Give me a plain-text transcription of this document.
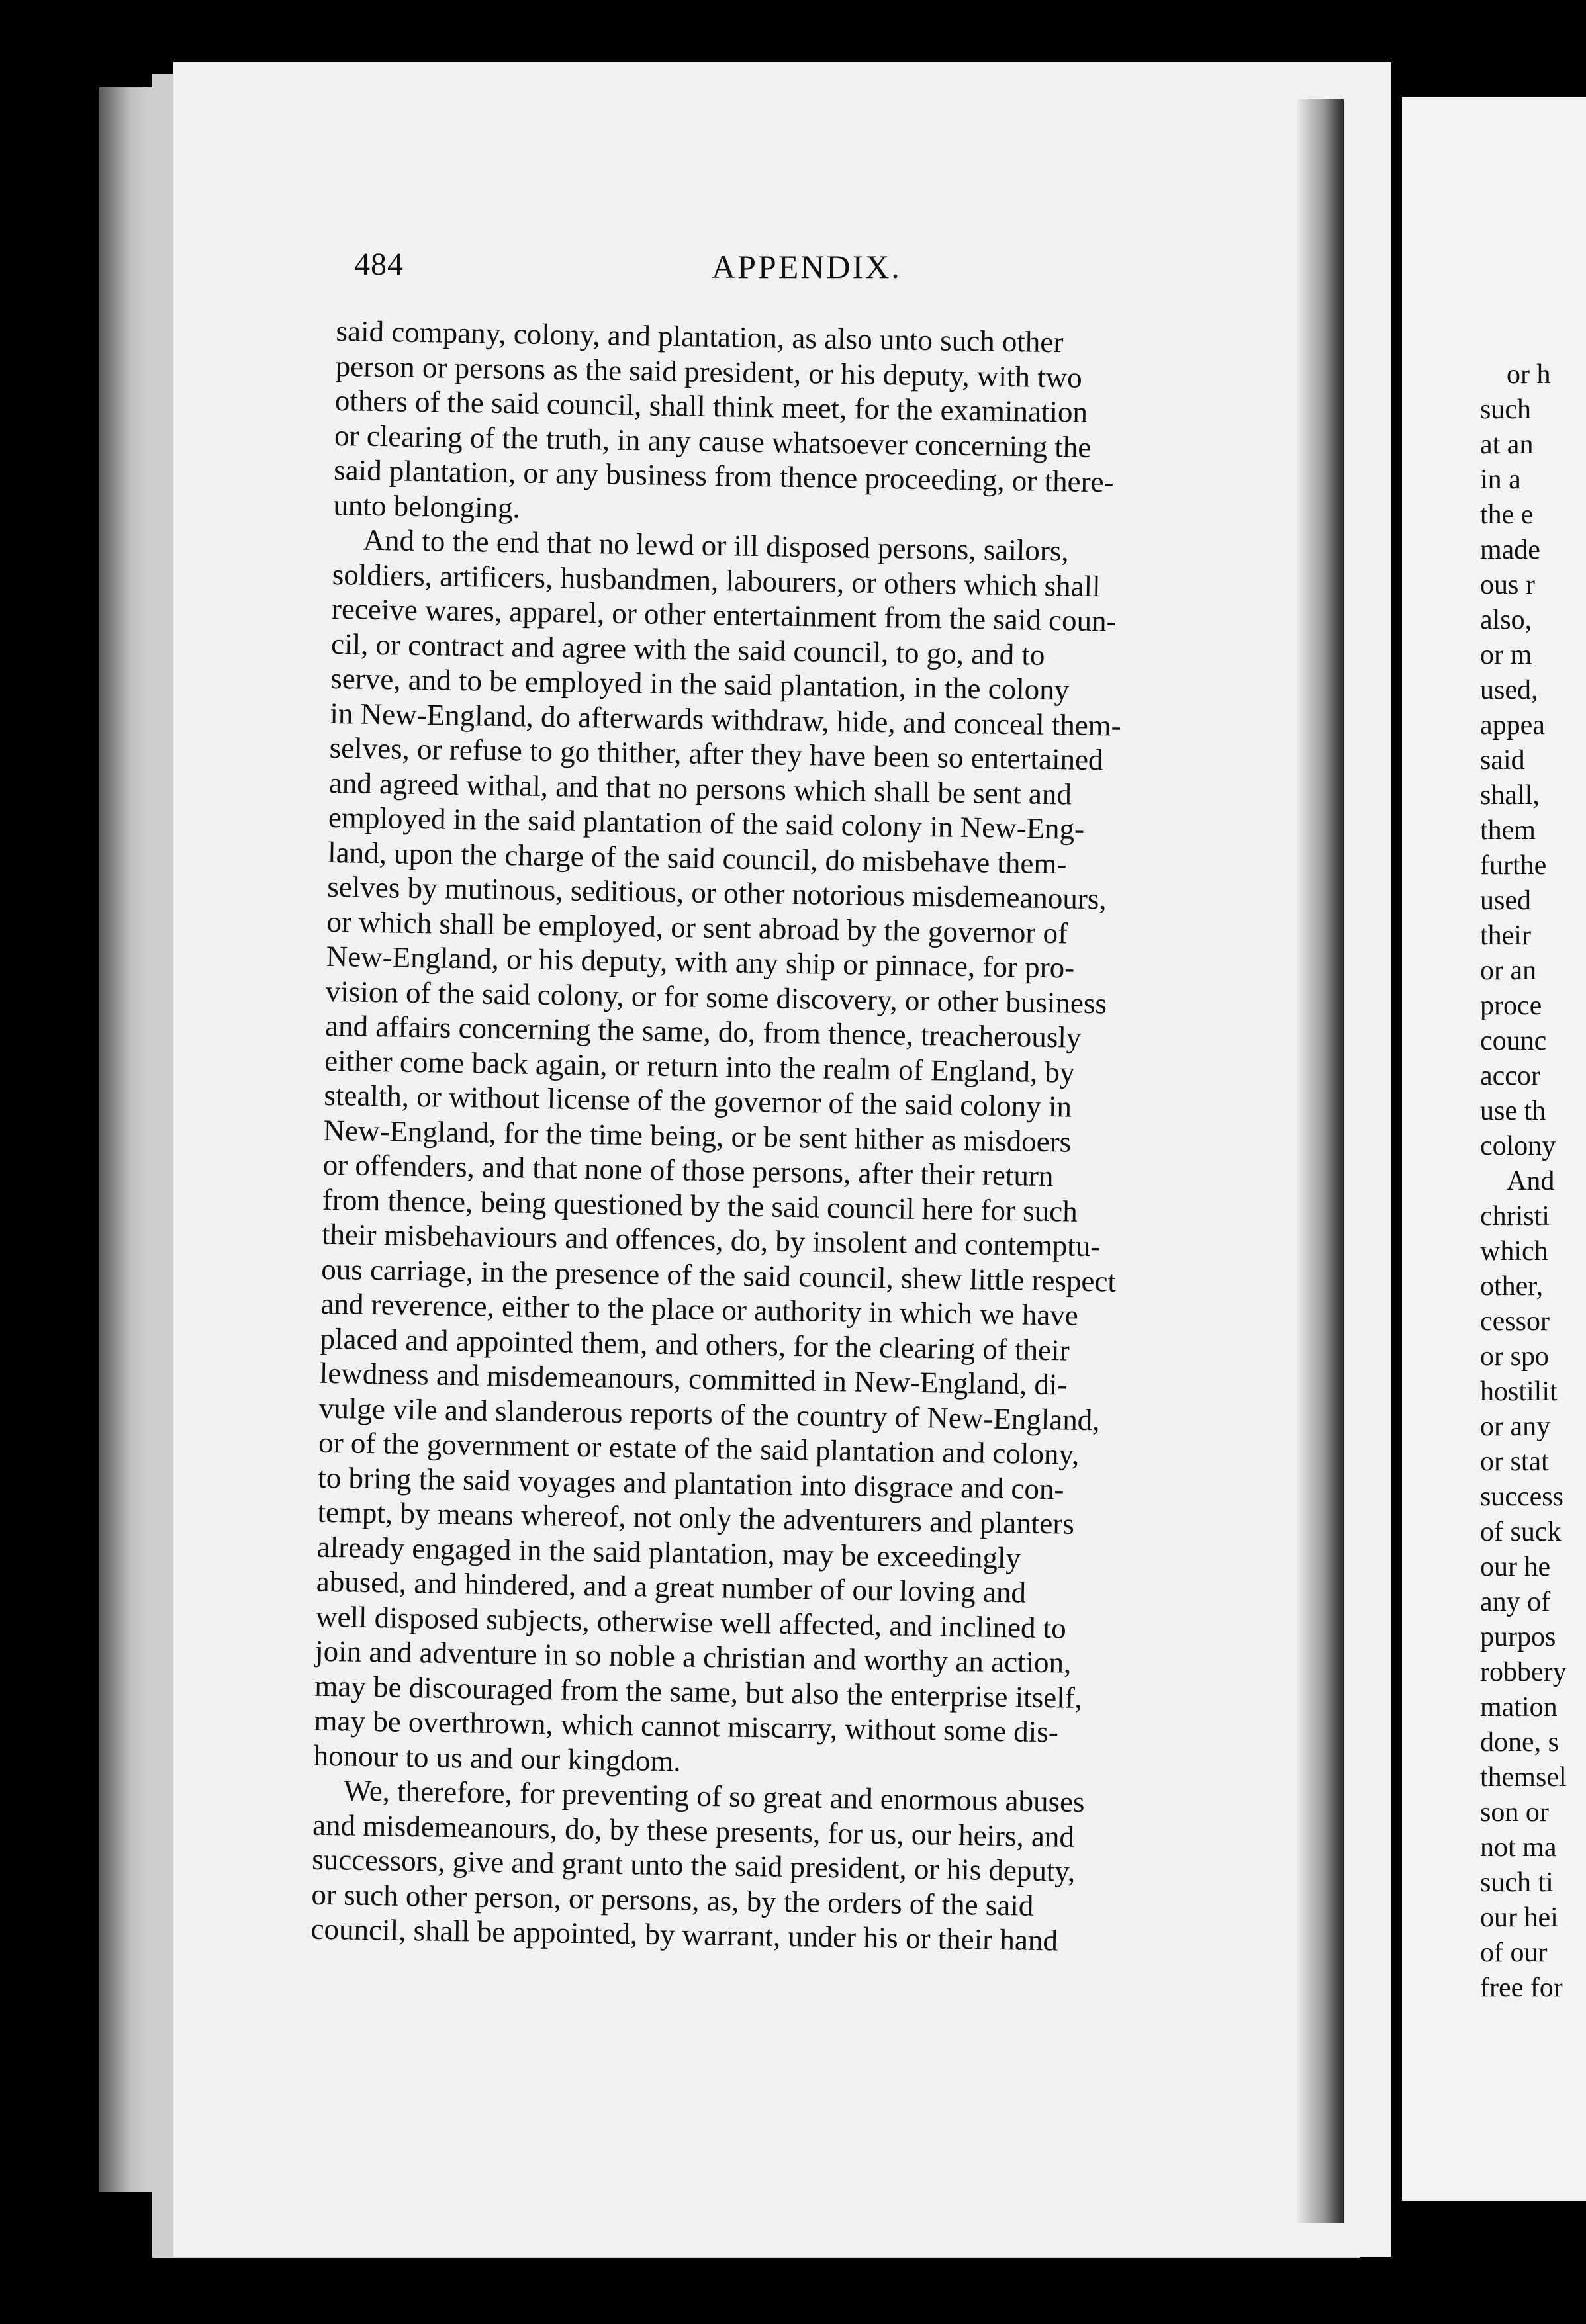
484	APPENDIX.

said company, colony, and plantation, as also unto such other
person or persons as the said president, or his deputy, with two
others of the said council, shall think meet, for the examination
or clearing of the truth, in any cause whatsoever concerning the
said plantation, or any business from thence proceeding, or there-
unto belonging.

And to the end that no lewd or ill disposed persons, sailors,
soldiers, artificers, husbandmen, labourers, or others which shall
receive wares, apparel, or other entertainment from the said coun-
cil, or contract and agree with the said council, to go, and to
serve, and to be employed in the said plantation, in the colony
in New-England, do afterwards withdraw, hide, and conceal them-
selves, or refuse to go thither, after they have been so entertained
and agreed withal, and that no persons which shall be sent and
employed in the said plantation of the said colony in New-Eng-
land, upon the charge of the said council, do misbehave them-
selves by mutinous, seditious, or other notorious misdemeanours,
or which shall be employed, or sent abroad by the governor of
New-England, or his deputy, with any ship or pinnace, for pro-
vision of the said colony, or for some discovery, or other business
and affairs concerning the same, do, from thence, treacherously
either come back again, or return into the realm of England, by
stealth, or without license of the governor of the said colony in
New-England, for the time being, or be sent hither as misdoers
or offenders, and that none of those persons, after their return
from thence, being questioned by the said council here for such
their misbehaviours and offences, do, by insolent and contemptu-
ous carriage, in the presence of the said council, shew little respect
and reverence, either to the place or authority in which we have
placed and appointed them, and others, for the clearing of their
lewdness and misdemeanours, committed in New-England, di-
vulge vile and slanderous reports of the country of New-England,
or of the government or estate of the said plantation and colony,
to bring the said voyages and plantation into disgrace and con-
tempt, by means whereof, not only the adventurers and planters
already engaged in the said plantation, may be exceedingly
abused, and hindered, and a great number of our loving and
well disposed subjects, otherwise well affected, and inclined to
join and adventure in so noble a christian and worthy an action,
may be discouraged from the same, but also the enterprise itself,
may be overthrown, which cannot miscarry, without some dis-
honour to us and our kingdom.

We, therefore, for preventing of so great and enormous abuses
and misdemeanours, do, by these presents, for us, our heirs, and
successors, give and grant unto the said president, or his deputy,
or such other person, or persons, as, by the orders of the said
council, shall be appointed, by warrant, under his or their hand

or h
such
at an
in a
the e
made
ous r
also,
or m
used,
appea
said
shall,
them
furthe
used
their
or an
proce
counc
accor
use th
colony
And
christi
which
other,
cessor
or spo
hostilit
or any
or stat
success
of suck
our he
any of
purpos
robbery
mation
done, s
themsel
son or
not ma
such ti
our hei
of our
free for
